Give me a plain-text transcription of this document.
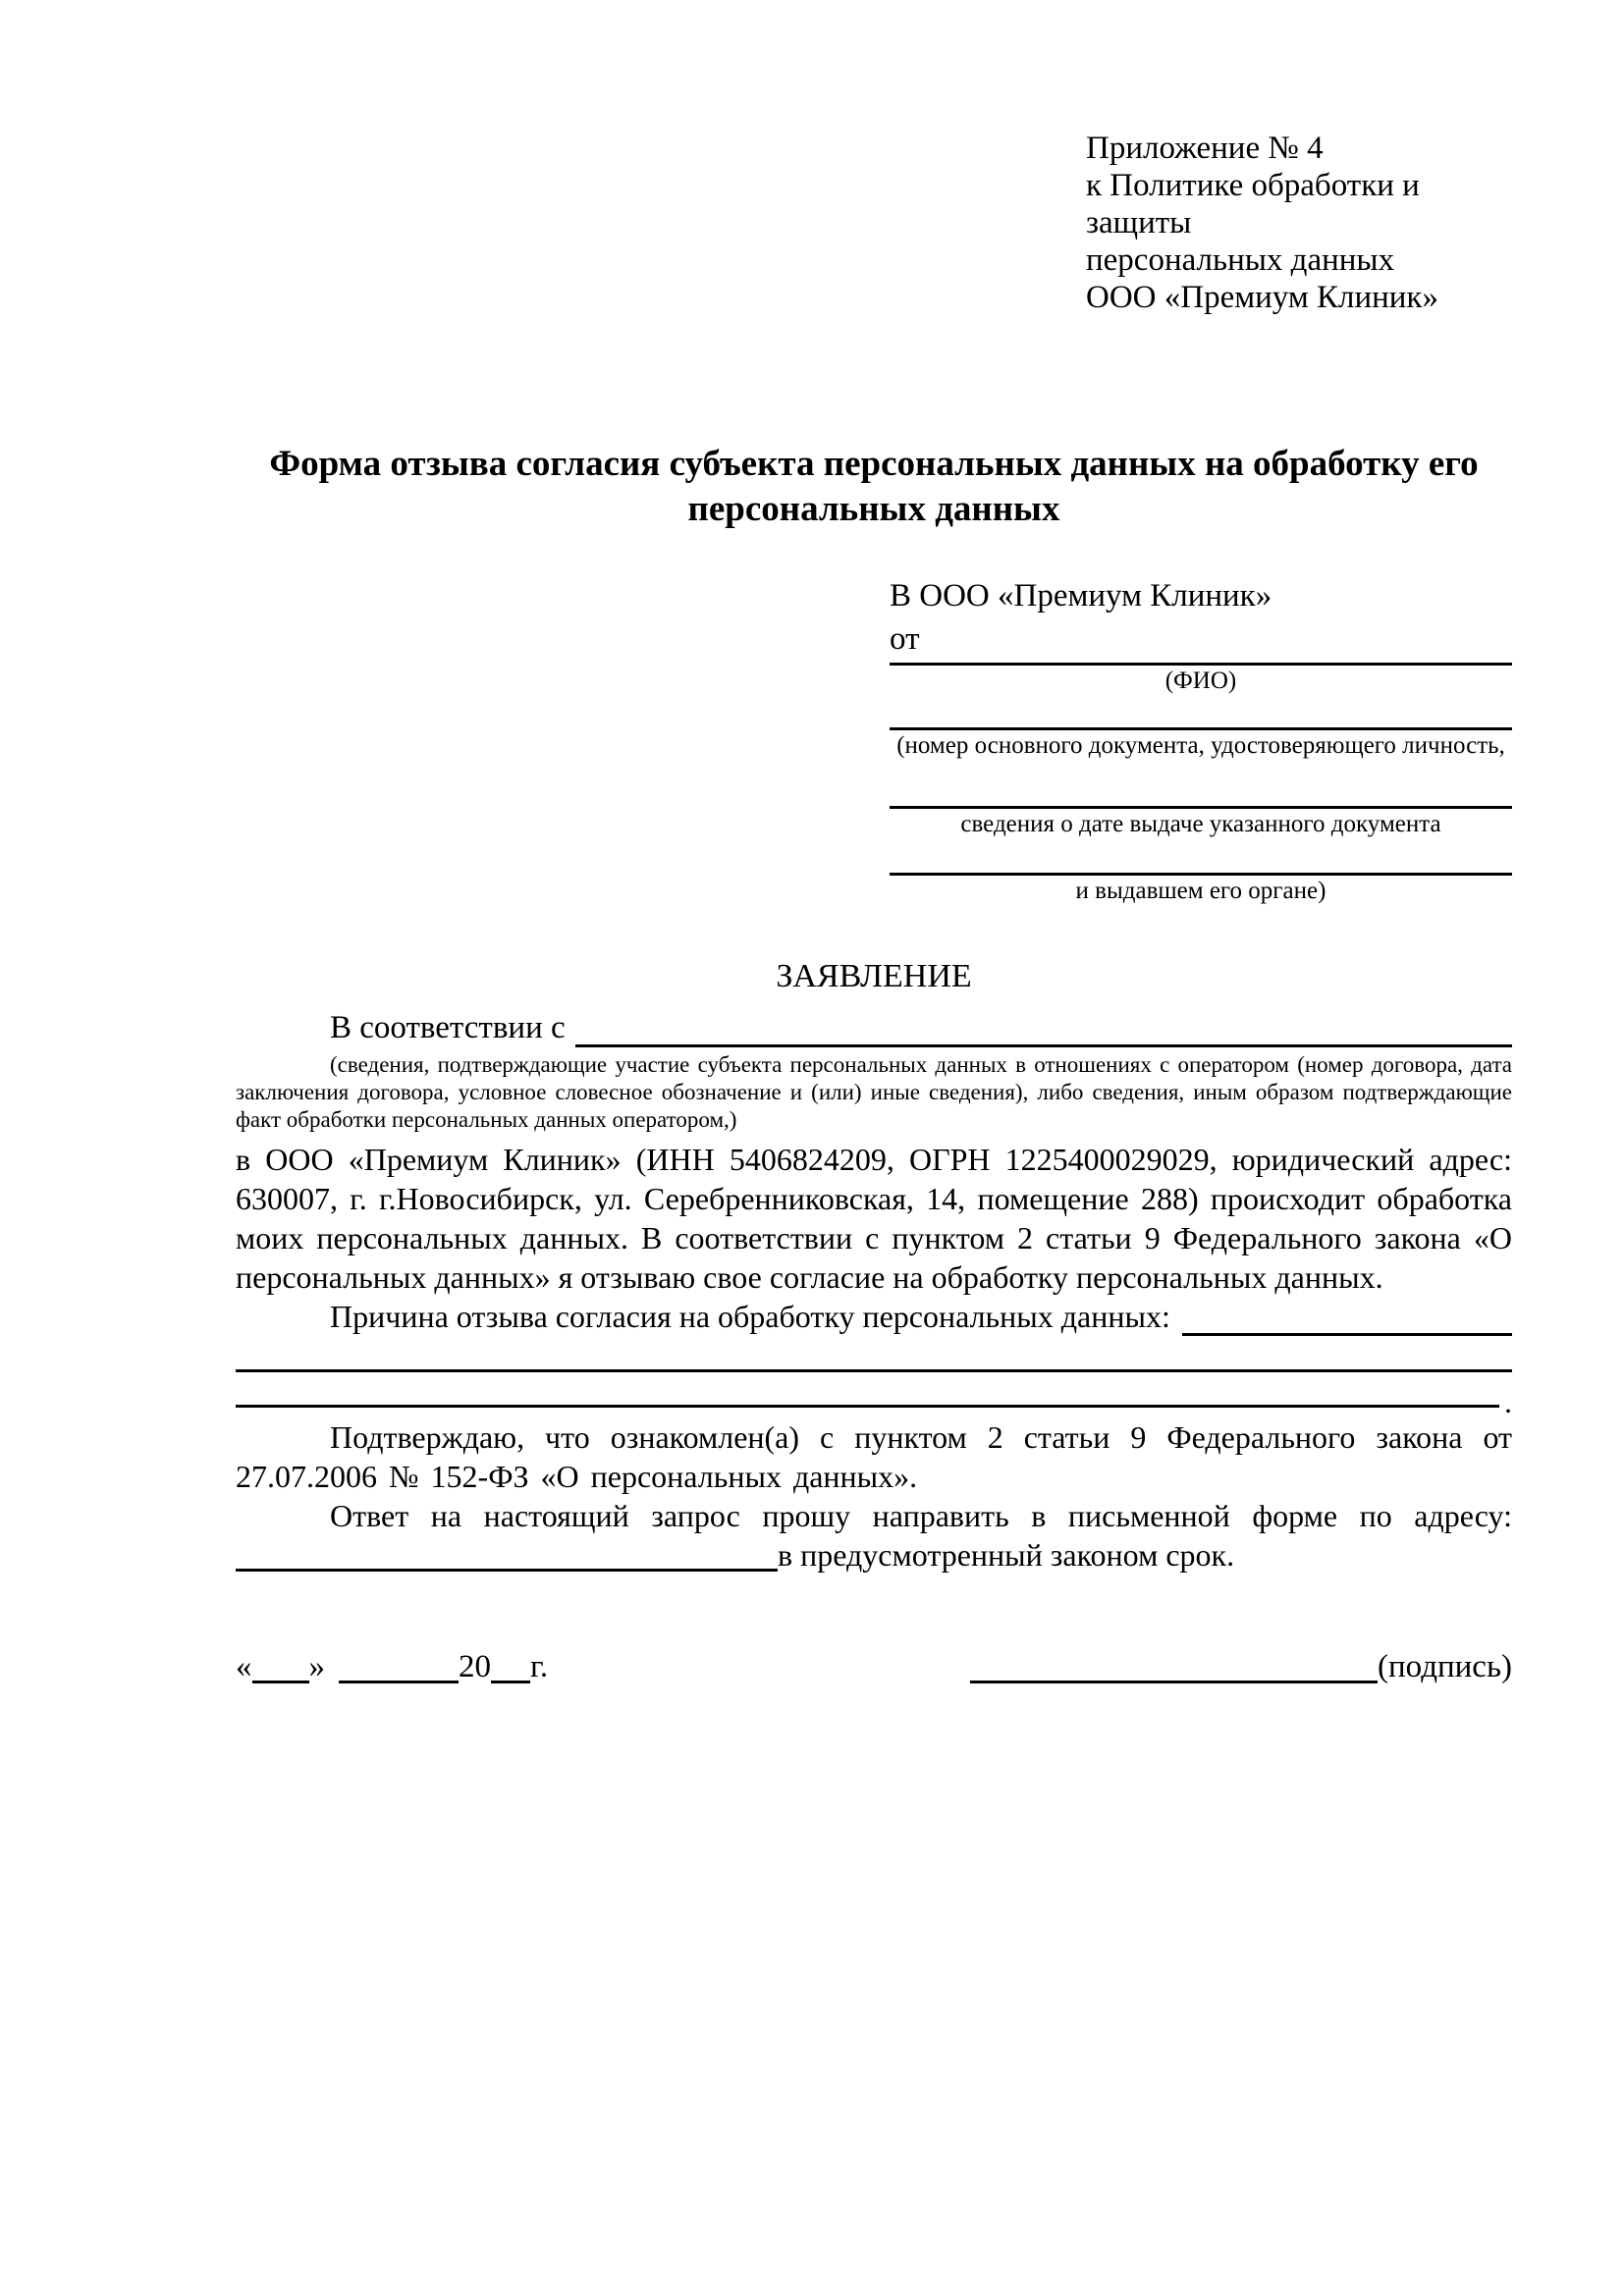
Приложение № 4
к Политике обработки и защиты
персональных данных
ООО «Премиум Клиник»
Форма отзыва согласия субъекта персональных данных на обработку его персональных данных
В ООО «Премиум Клиник»
от
(ФИО)
(номер основного документа, удостоверяющего личность,
сведения о дате выдаче указанного документа
и выдавшем его органе)
ЗАЯВЛЕНИЕ
В соответствии с
(сведения, подтверждающие участие субъекта персональных данных в отношениях с оператором (номер договора, дата заключения договора, условное словесное обозначение и (или) иные сведения), либо сведения, иным образом подтверждающие факт обработки персональных данных оператором,)
в ООО «Премиум Клиник» (ИНН 5406824209, ОГРН 1225400029029, юридический адрес: 630007, г. г.Новосибирск, ул. Серебренниковская, 14, помещение 288) происходит обработка моих персональных данных. В соответствии с пунктом 2 статьи 9 Федерального закона «О персональных данных» я отзываю свое согласие на обработку персональных данных.
Причина отзыва согласия на обработку персональных данных:
.
Подтверждаю, что ознакомлен(а) с пунктом 2 статьи 9 Федерального закона от 27.07.2006 № 152-ФЗ «О персональных данных».
Ответ на настоящий запрос прошу направить в письменной форме по адресу: в предусмотренный законом срок.
« »	20 г.	(подпись)
